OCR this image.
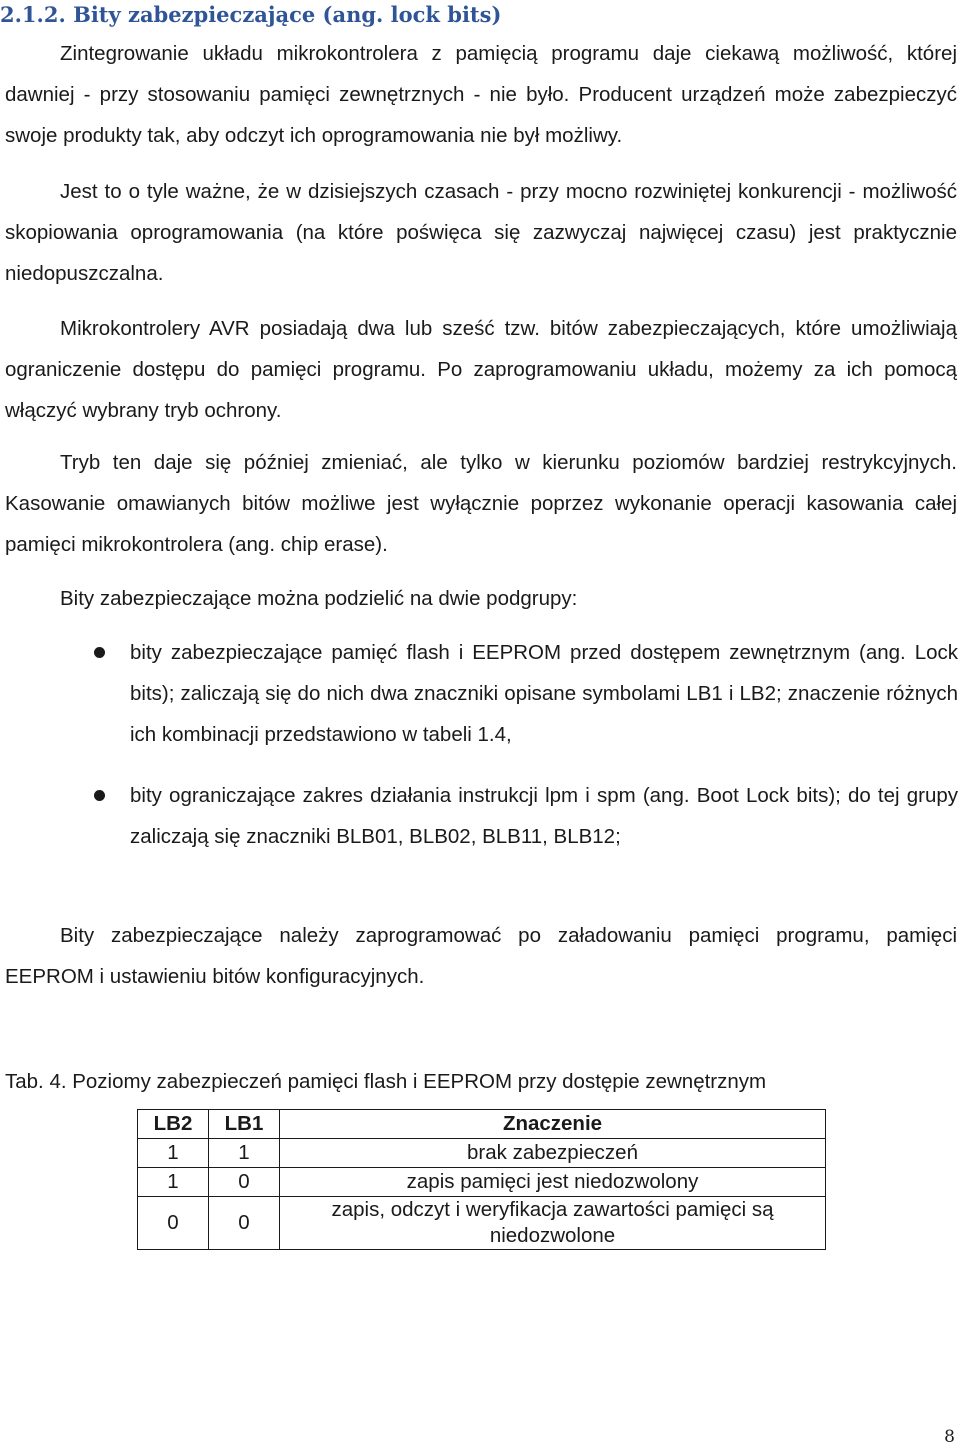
2.1.2. Bity zabezpieczające (ang. lock bits)

Zintegrowanie układu mikrokontrolera z pamięcią programu daje ciekawą możliwość, której dawniej - przy stosowaniu pamięci zewnętrznych - nie było. Producent urządzeń może zabezpieczyć swoje produkty tak, aby odczyt ich oprogramowania nie był możliwy.

Jest to o tyle ważne, że w dzisiejszych czasach - przy mocno rozwiniętej konkurencji - możliwość skopiowania oprogramowania (na które poświęca się zazwyczaj najwięcej czasu) jest praktycznie niedopuszczalna.

Mikrokontrolery AVR posiadają dwa lub sześć tzw. bitów zabezpieczających, które umożliwiają ograniczenie dostępu do pamięci programu. Po zaprogramowaniu układu, możemy za ich pomocą włączyć wybrany tryb ochrony.

Tryb ten daje się później zmieniać, ale tylko w kierunku poziomów bardziej restrykcyjnych. Kasowanie omawianych bitów możliwe jest wyłącznie poprzez wykonanie operacji kasowania całej pamięci mikrokontrolera (ang. chip erase).

Bity zabezpieczające można podzielić na dwie podgrupy:

bity zabezpieczające pamięć flash i EEPROM przed dostępem zewnętrznym (ang. Lock bits); zaliczają się do nich dwa znaczniki opisane symbolami LB1 i LB2; znaczenie różnych ich kombinacji przedstawiono w tabeli 1.4,
bity ograniczające zakres działania instrukcji lpm i spm (ang. Boot Lock bits); do tej grupy zaliczają się znaczniki BLB01, BLB02, BLB11, BLB12;

Bity zabezpieczające należy zaprogramować po załadowaniu pamięci programu, pamięci EEPROM i ustawieniu bitów konfiguracyjnych.

Tab. 4. Poziomy zabezpieczeń pamięci flash i EEPROM przy dostępie zewnętrznym

LB2	LB1	Znaczenie
1	1	brak zabezpieczeń
1	0	zapis pamięci jest niedozwolony
0	0	zapis, odczyt i weryfikacja zawartości pamięci są niedozwolone
8
